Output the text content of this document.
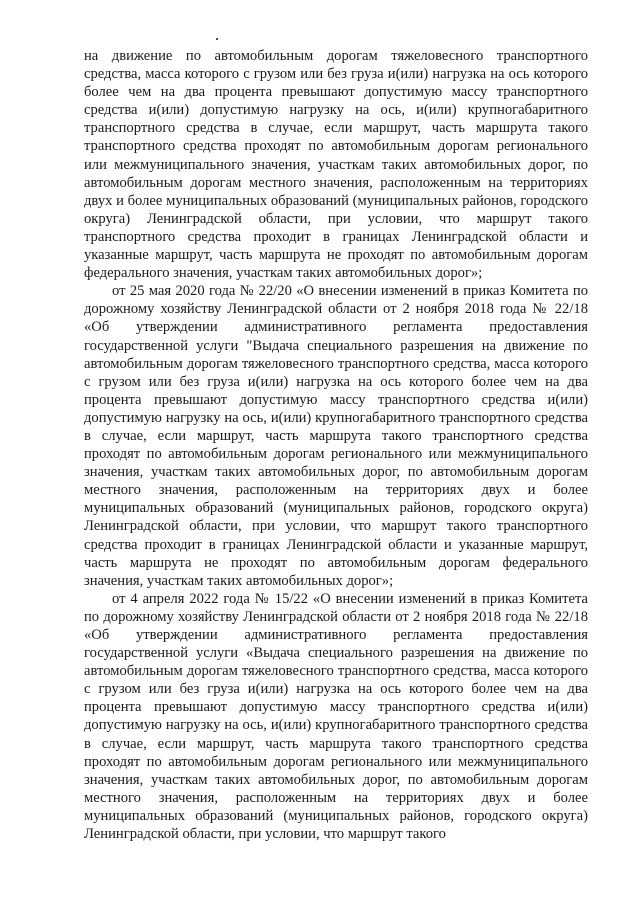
на движение по автомобильным дорогам тяжеловесного транспортного средства, масса которого с грузом или без груза и(или) нагрузка на ось которого более чем на два процента превышают допустимую массу транспортного средства и(или) допустимую нагрузку на ось, и(или) крупногабаритного транспортного средства в случае, если маршрут, часть маршрута такого транспортного средства проходят по автомобильным дорогам регионального или межмуниципального значения, участкам таких автомобильных дорог, по автомобильным дорогам местного значения, расположенным на территориях двух и более муниципальных образований (муниципальных районов, городского округа) Ленинградской области, при условии, что маршрут такого транспортного средства проходит в границах Ленинградской области и указанные маршрут, часть маршрута не проходят по автомобильным дорогам федерального значения, участкам таких автомобильных дорог»;

от 25 мая 2020 года № 22/20 «О внесении изменений в приказ Комитета по дорожному хозяйству Ленинградской области от 2 ноября 2018 года № 22/18 «Об утверждении административного регламента предоставления государственной услуги "Выдача специального разрешения на движение по автомобильным дорогам тяжеловесного транспортного средства, масса которого с грузом или без груза и(или) нагрузка на ось которого более чем на два процента превышают допустимую массу транспортного средства и(или) допустимую нагрузку на ось, и(или) крупногабаритного транспортного средства в случае, если маршрут, часть маршрута такого транспортного средства проходят по автомобильным дорогам регионального или межмуниципального значения, участкам таких автомобильных дорог, по автомобильным дорогам местного значения, расположенным на территориях двух и более муниципальных образований (муниципальных районов, городского округа) Ленинградской области, при условии, что маршрут такого транспортного средства проходит в границах Ленинградской области и указанные маршрут, часть маршрута не проходят по автомобильным дорогам федерального значения, участкам таких автомобильных дорог»;

от 4 апреля 2022 года № 15/22 «О внесении изменений в приказ Комитета по дорожному хозяйству Ленинградской области от 2 ноября 2018 года № 22/18 «Об утверждении административного регламента предоставления государственной услуги «Выдача специального разрешения на движение по автомобильным дорогам тяжеловесного транспортного средства, масса которого с грузом или без груза и(или) нагрузка на ось которого более чем на два процента превышают допустимую массу транспортного средства и(или) допустимую нагрузку на ось, и(или) крупногабаритного транспортного средства в случае, если маршрут, часть маршрута такого транспортного средства проходят по автомобильным дорогам регионального или межмуниципального значения, участкам таких автомобильных дорог, по автомобильным дорогам местного значения, расположенным на территориях двух и более муниципальных образований (муниципальных районов, городского округа) Ленинградской области, при условии, что маршрут такого
